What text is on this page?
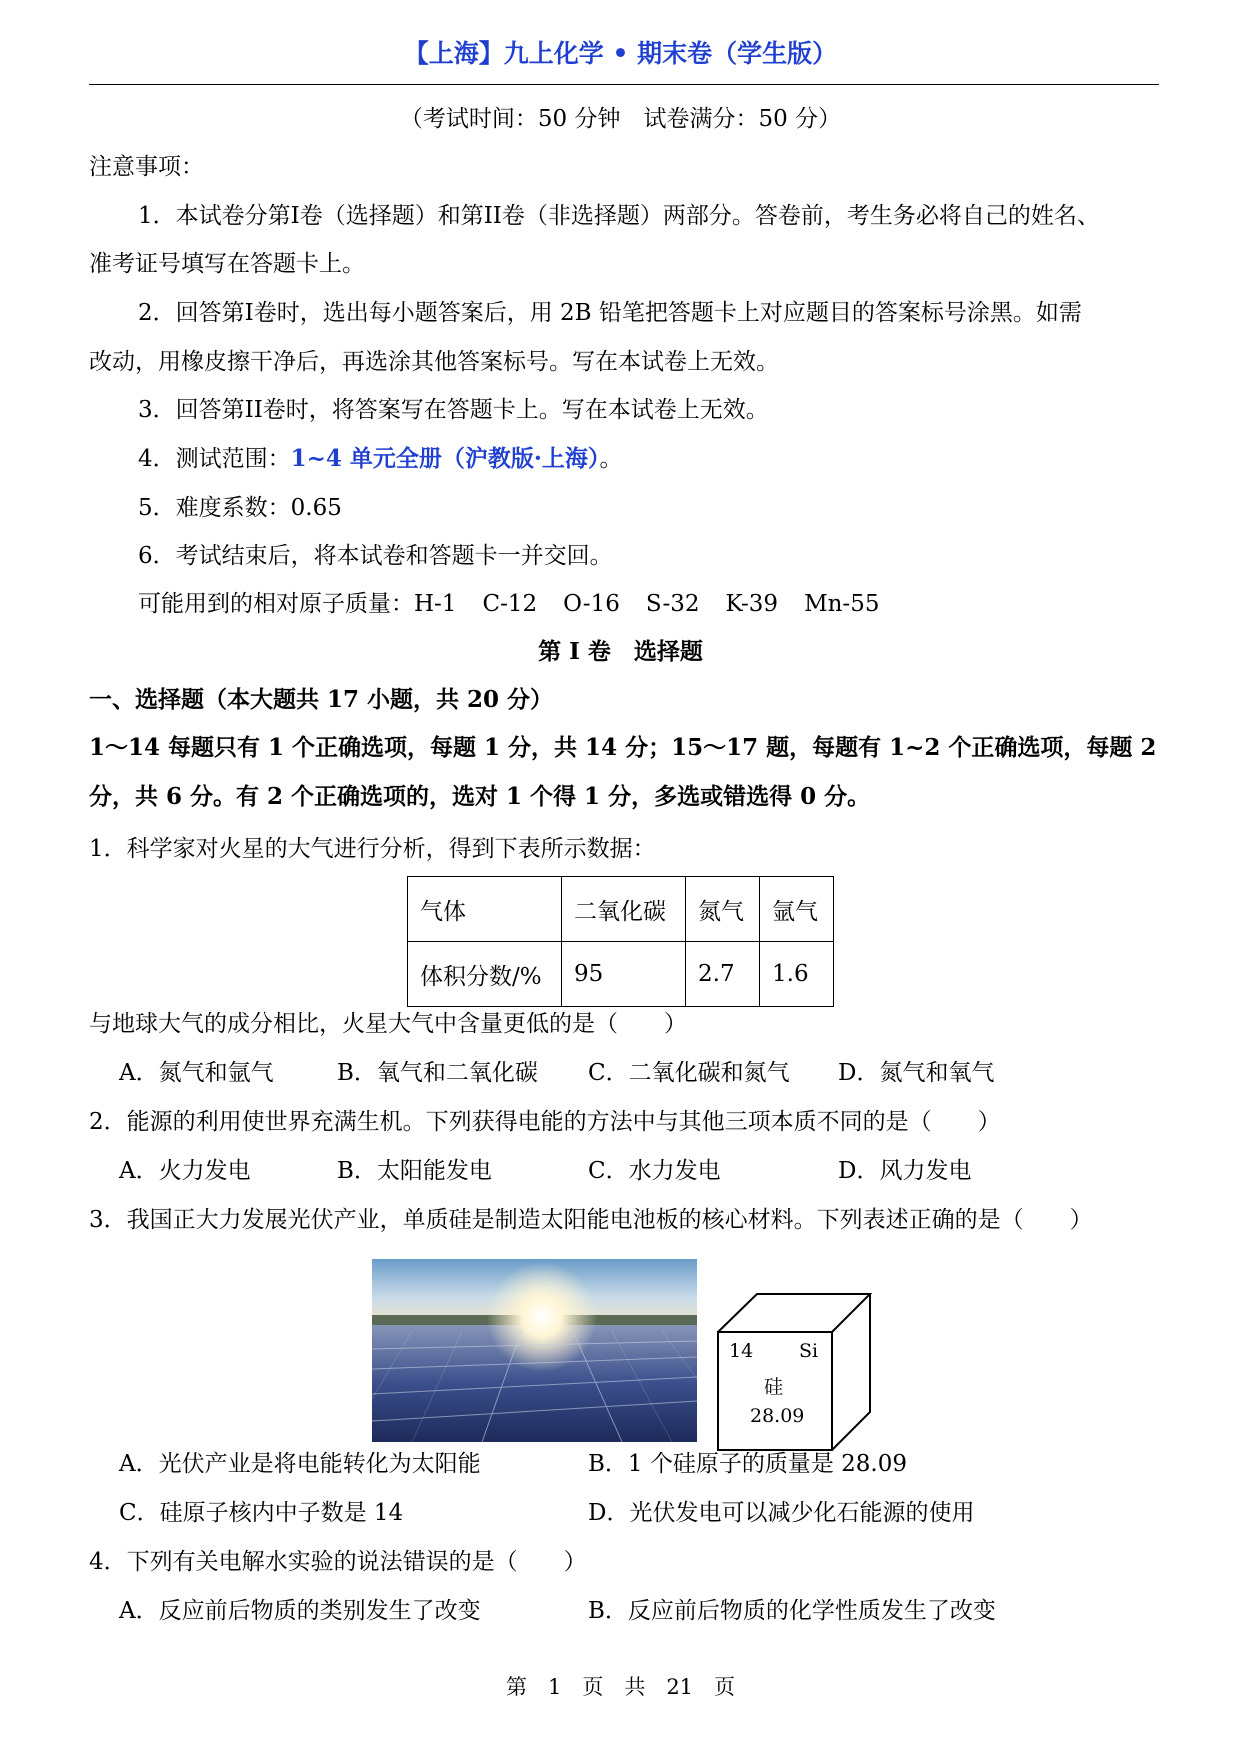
【上海】九上化学 • 期末卷（学生版）
（考试时间：50 分钟　试卷满分：50 分）
注意事项：
1．本试卷分第I卷（选择题）和第II卷（非选择题）两部分。答卷前，考生务必将自己的姓名、
准考证号填写在答题卡上。
2．回答第I卷时，选出每小题答案后，用 2B 铅笔把答题卡上对应题目的答案标号涂黑。如需
改动，用橡皮擦干净后，再选涂其他答案标号。写在本试卷上无效。
3．回答第II卷时，将答案写在答题卡上。写在本试卷上无效。
4．测试范围：1~4 单元全册（沪教版·上海）。
5．难度系数：0.65
6．考试结束后，将本试卷和答题卡一并交回。
可能用到的相对原子质量：H-1 C-12 O-16 S-32 K-39 Mn-55
第 I 卷　选择题
一、选择题（本大题共 17 小题，共 20 分）
1～14 每题只有 1 个正确选项，每题 1 分，共 14 分；15～17 题，每题有 1~2 个正确选项，每题 2
分，共 6 分。有 2 个正确选项的，选对 1 个得 1 分，多选或错选得 0 分。
1．科学家对火星的大气进行分析，得到下表所示数据：
气体	二氧化碳	氮气	氩气
体积分数/%	95	2.7	1.6
与地球大气的成分相比，火星大气中含量更低的是（　　）
A．氮气和氩气	B．氧气和二氧化碳 C．二氧化碳和氮气 D．氮气和氧气
2．能源的利用使世界充满生机。下列获得电能的方法中与其他三项本质不同的是（　　）
A．火力发电	B．太阳能发电	C．水力发电	D．风力发电
3．我国正大力发展光伏产业，单质硅是制造太阳能电池板的核心材料。下列表述正确的是（　　）
14 Si
硅
28.09
A．光伏产业是将电能转化为太阳能	B．1 个硅原子的质量是 28.09
C．硅原子核内中子数是 14	D．光伏发电可以减少化石能源的使用
4．下列有关电解水实验的说法错误的是（　　）
A．反应前后物质的类别发生了改变	B．反应前后物质的化学性质发生了改变
第　1　页　共　21　页
